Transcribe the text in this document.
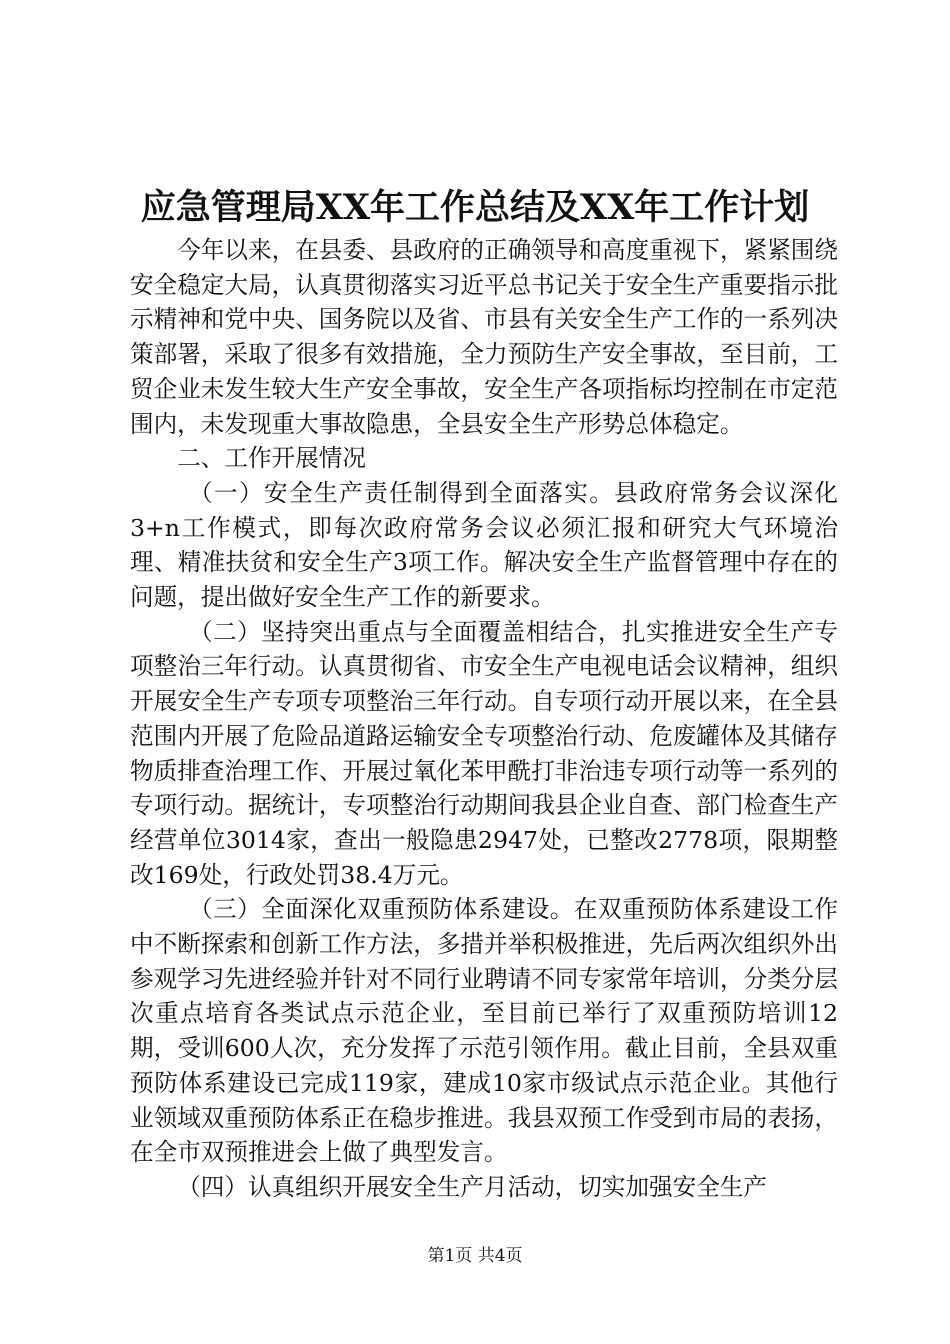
应急管理局XX年工作总结及XX年工作计划

今年以来，在县委、县政府的正确领导和高度重视下，紧紧围绕安全稳定大局，认真贯彻落实习近平总书记关于安全生产重要指示批示精神和党中央、国务院以及省、市县有关安全生产工作的一系列决策部署，采取了很多有效措施，全力预防生产安全事故，至目前，工贸企业未发生较大生产安全事故，安全生产各项指标均控制在市定范围内，未发现重大事故隐患，全县安全生产形势总体稳定。

二、工作开展情况

（一）安全生产责任制得到全面落实。县政府常务会议深化3+n工作模式，即每次政府常务会议必须汇报和研究大气环境治理、精准扶贫和安全生产3项工作。解决安全生产监督管理中存在的问题，提出做好安全生产工作的新要求。

（二）坚持突出重点与全面覆盖相结合，扎实推进安全生产专项整治三年行动。认真贯彻省、市安全生产电视电话会议精神，组织开展安全生产专项专项整治三年行动。自专项行动开展以来，在全县范围内开展了危险品道路运输安全专项整治行动、危废罐体及其储存物质排查治理工作、开展过氧化苯甲酰打非治违专项行动等一系列的专项行动。据统计，专项整治行动期间我县企业自查、部门检查生产经营单位3014家，查出一般隐患2947处，已整改2778项，限期整改169处，行政处罚38.4万元。

（三）全面深化双重预防体系建设。在双重预防体系建设工作中不断探索和创新工作方法，多措并举积极推进，先后两次组织外出参观学习先进经验并针对不同行业聘请不同专家常年培训，分类分层次重点培育各类试点示范企业，至目前已举行了双重预防培训12期，受训600人次，充分发挥了示范引领作用。截止目前，全县双重预防体系建设已完成119家，建成10家市级试点示范企业。其他行业领域双重预防体系正在稳步推进。我县双预工作受到市局的表扬，在全市双预推进会上做了典型发言。

（四）认真组织开展安全生产月活动，切实加强安全生产

第1页 共4页
